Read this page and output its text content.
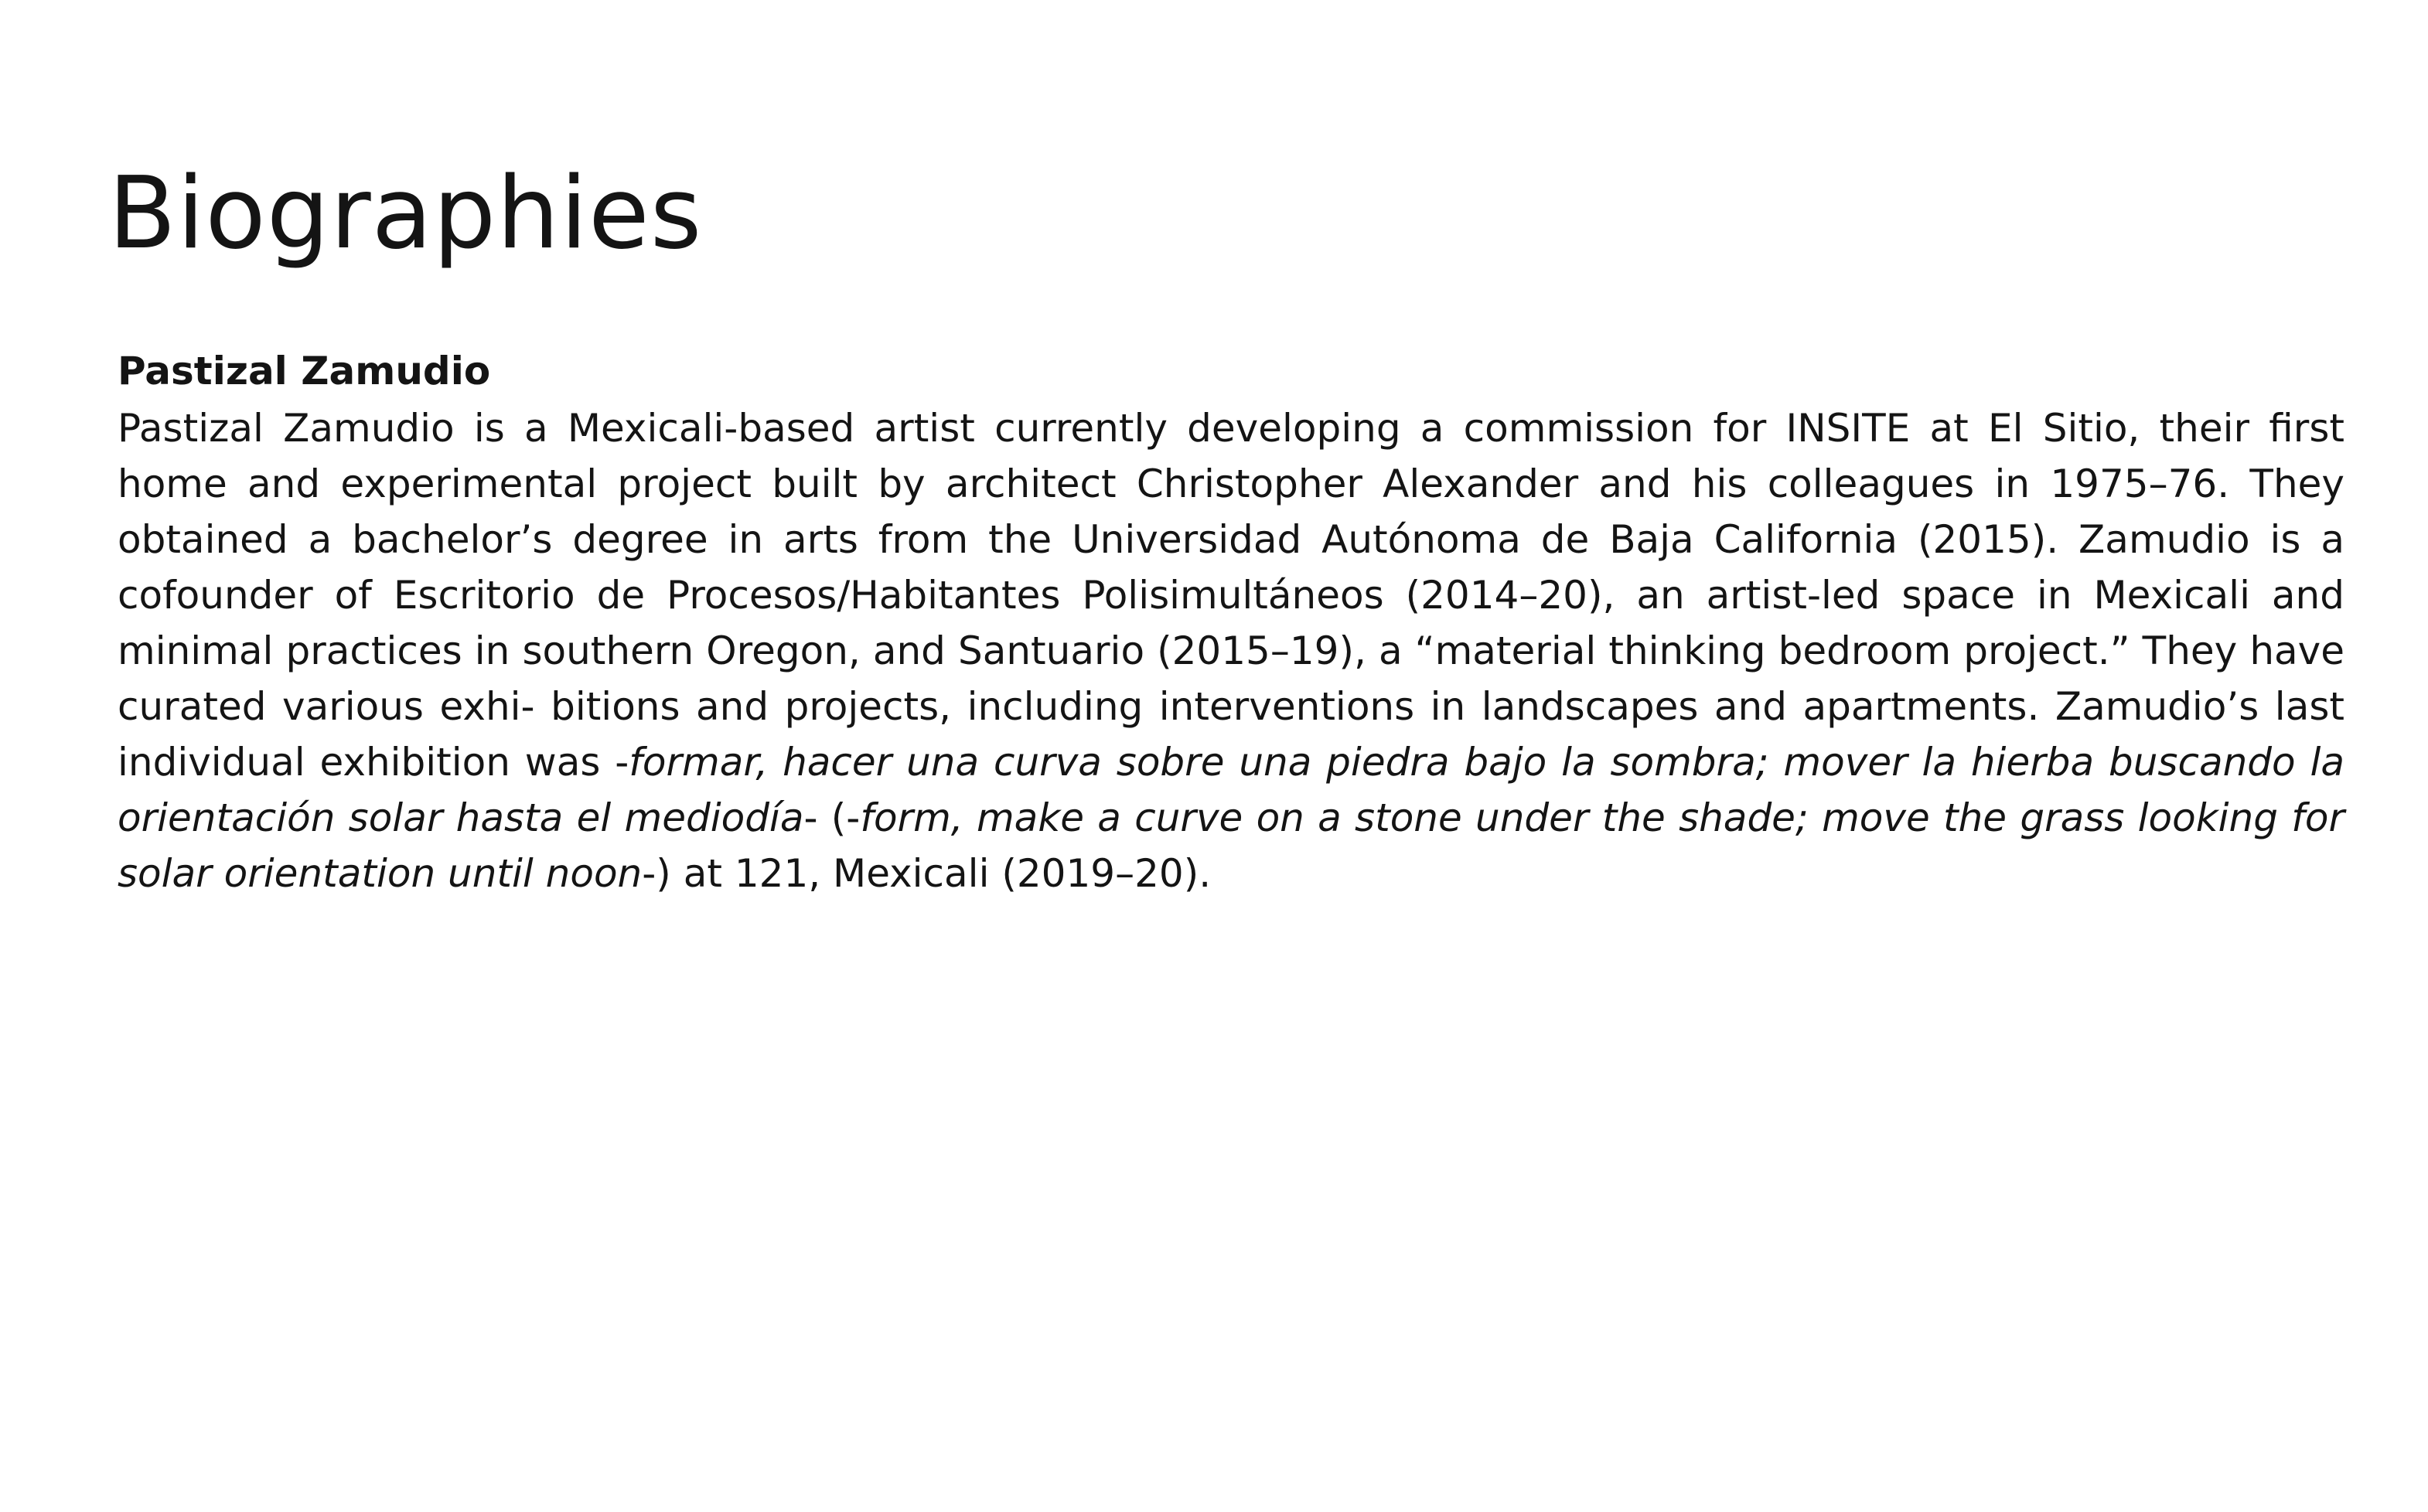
Biographies
Pastizal Zamudio

Pastizal Zamudio is a Mexicali-based artist currently developing a commission for INSITE at El Sitio, their first home and experimental project built by architect Christopher Alexander and his colleagues in 1975–76. They obtained a bachelor’s degree in arts from the Universidad Autónoma de Baja California (2015). Zamudio is a cofounder of Escritorio de Procesos/Habitantes Polisimultáneos (2014–20), an artist-led space in Mexicali and minimal practices in southern Oregon, and Santuario (2015–19), a “material thinking bedroom project.” They have curated various exhi- bitions and projects, including interventions in landscapes and apartments. Zamudio’s last individual exhibition was -formar, hacer una curva sobre una piedra bajo la sombra; mover la hierba buscando la orientación solar hasta el mediodía- (-form, make a curve on a stone under the shade; move the grass looking for solar orientation until noon-) at 121, Mexicali (2019–20).
